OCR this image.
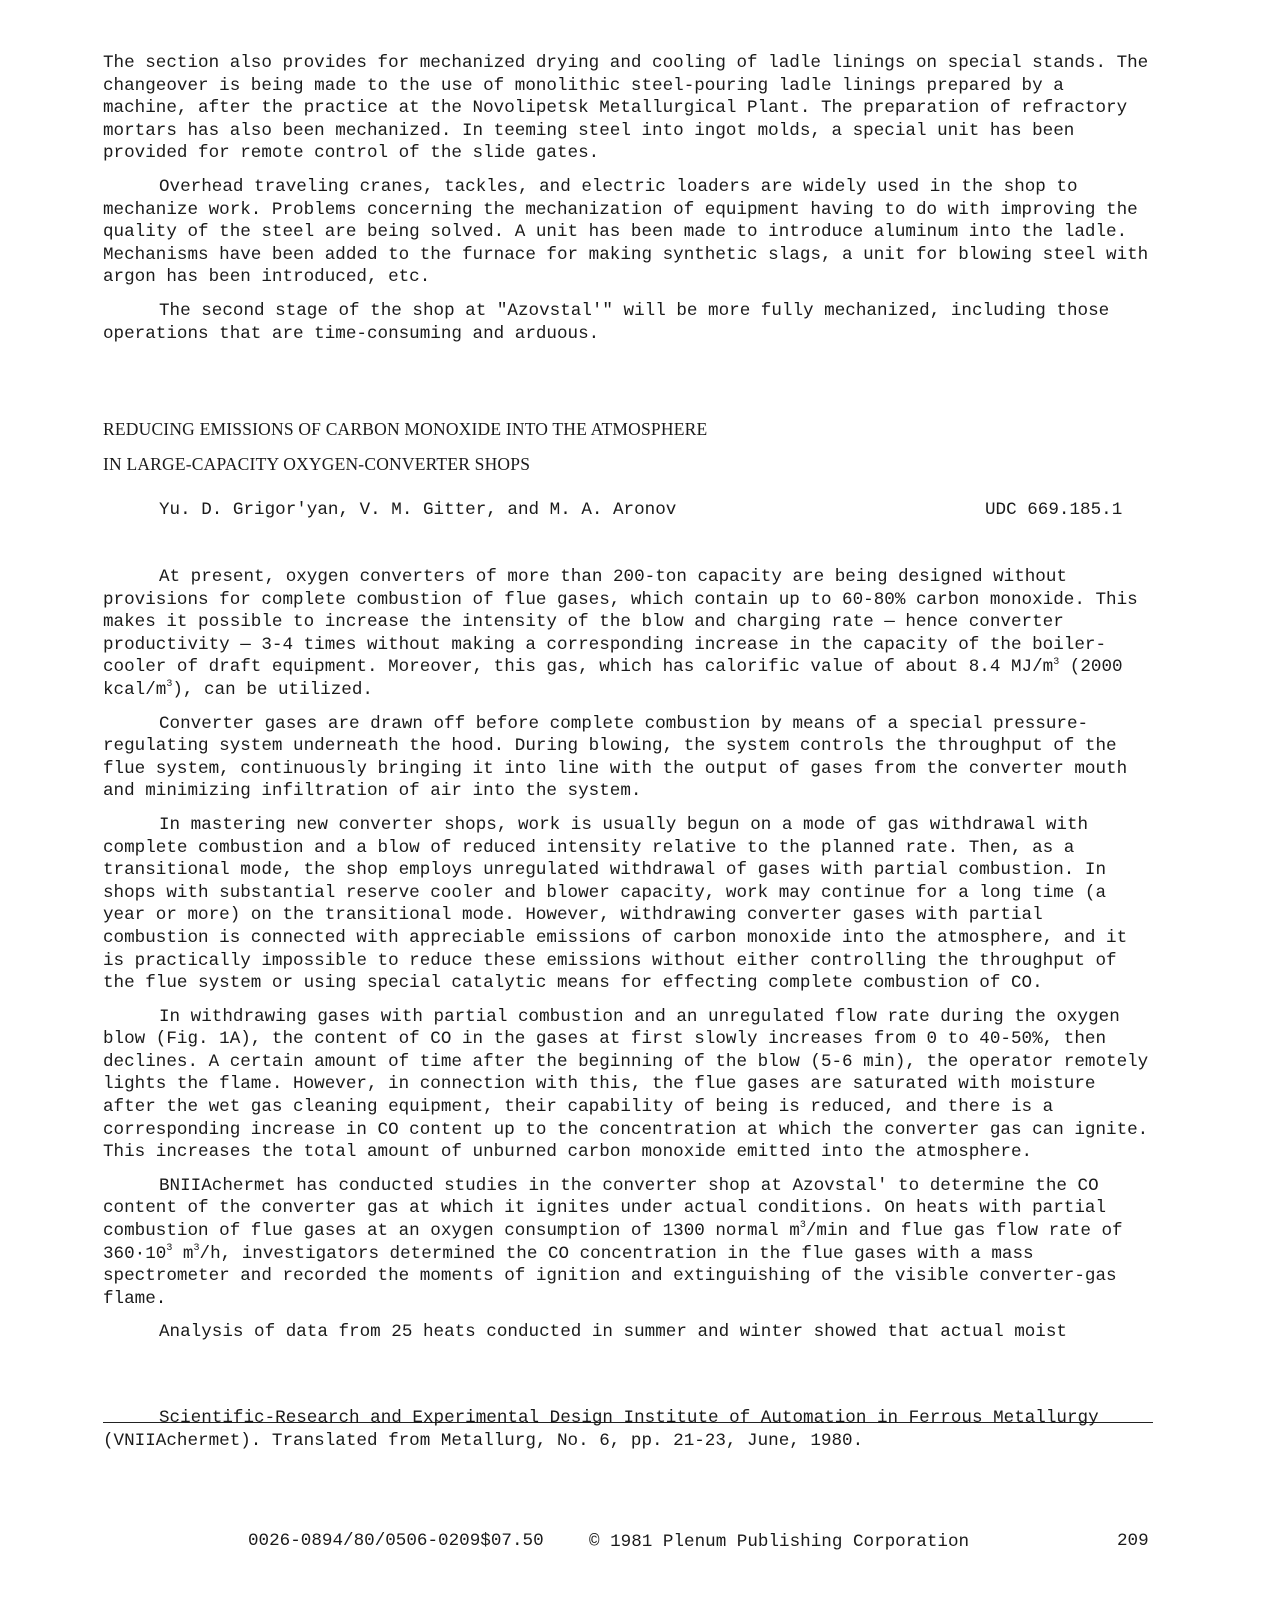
The section also provides for mechanized drying and cooling of ladle linings on special stands. The changeover is being made to the use of monolithic steel-pouring ladle linings prepared by a machine, after the practice at the Novolipetsk Metallurgical Plant. The preparation of refractory mortars has also been mechanized. In teeming steel into ingot molds, a special unit has been provided for remote control of the slide gates.

Overhead traveling cranes, tackles, and electric loaders are widely used in the shop to mechanize work. Problems concerning the mechanization of equipment having to do with improving the quality of the steel are being solved. A unit has been made to introduce aluminum into the ladle. Mechanisms have been added to the furnace for making synthetic slags, a unit for blowing steel with argon has been introduced, etc.

The second stage of the shop at "Azovstal'" will be more fully mechanized, including those operations that are time-consuming and arduous.

REDUCING EMISSIONS OF CARBON MONOXIDE INTO THE ATMOSPHERE
IN LARGE-CAPACITY OXYGEN-CONVERTER SHOPS
Yu. D. Grigor'yan, V. M. Gitter, and M. A. Aronov	UDC 669.185.1

At present, oxygen converters of more than 200-ton capacity are being designed without provisions for complete combustion of flue gases, which contain up to 60-80% carbon monoxide. This makes it possible to increase the intensity of the blow and charging rate — hence converter productivity — 3-4 times without making a corresponding increase in the capacity of the boiler-cooler of draft equipment. Moreover, this gas, which has calorific value of about 8.4 $MJ/m^3$ (2000 kcal/$m^3$), can be utilized.

Converter gases are drawn off before complete combustion by means of a special pressure-regulating system underneath the hood. During blowing, the system controls the throughput of the flue system, continuously bringing it into line with the output of gases from the converter mouth and minimizing infiltration of air into the system.

In mastering new converter shops, work is usually begun on a mode of gas withdrawal with complete combustion and a blow of reduced intensity relative to the planned rate. Then, as a transitional mode, the shop employs unregulated withdrawal of gases with partial combustion. In shops with substantial reserve cooler and blower capacity, work may continue for a long time (a year or more) on the transitional mode. However, withdrawing converter gases with partial combustion is connected with appreciable emissions of carbon monoxide into the atmosphere, and it is practically impossible to reduce these emissions without either controlling the throughput of the flue system or using special catalytic means for effecting complete combustion of CO.

In withdrawing gases with partial combustion and an unregulated flow rate during the oxygen blow (Fig. 1A), the content of CO in the gases at first slowly increases from 0 to 40-50%, then declines. A certain amount of time after the beginning of the blow (5-6 min), the operator remotely lights the flame. However, in connection with this, the flue gases are saturated with moisture after the wet gas cleaning equipment, their capability of being is reduced, and there is a corresponding increase in CO content up to the concentration at which the converter gas can ignite. This increases the total amount of unburned carbon monoxide emitted into the atmosphere.

BNIIAchermet has conducted studies in the converter shop at Azovstal' to determine the CO content of the converter gas at which it ignites under actual conditions. On heats with partial combustion of flue gases at an oxygen consumption of 1300 normal $m^3/\min$ and flue gas flow rate of $360\cdot 10^3$ $m^3/h$, investigators determined the CO concentration in the flue gases with a mass spectrometer and recorded the moments of ignition and extinguishing of the visible converter-gas flame.

Analysis of data from 25 heats conducted in summer and winter showed that actual moist

Scientific-Research and Experimental Design Institute of Automation in Ferrous Metallurgy (VNIIAchermet). Translated from Metallurg, No. 6, pp. 21-23, June, 1980.

0026-0894/80/0506-0209$07.50	© 1981 Plenum Publishing Corporation	209
